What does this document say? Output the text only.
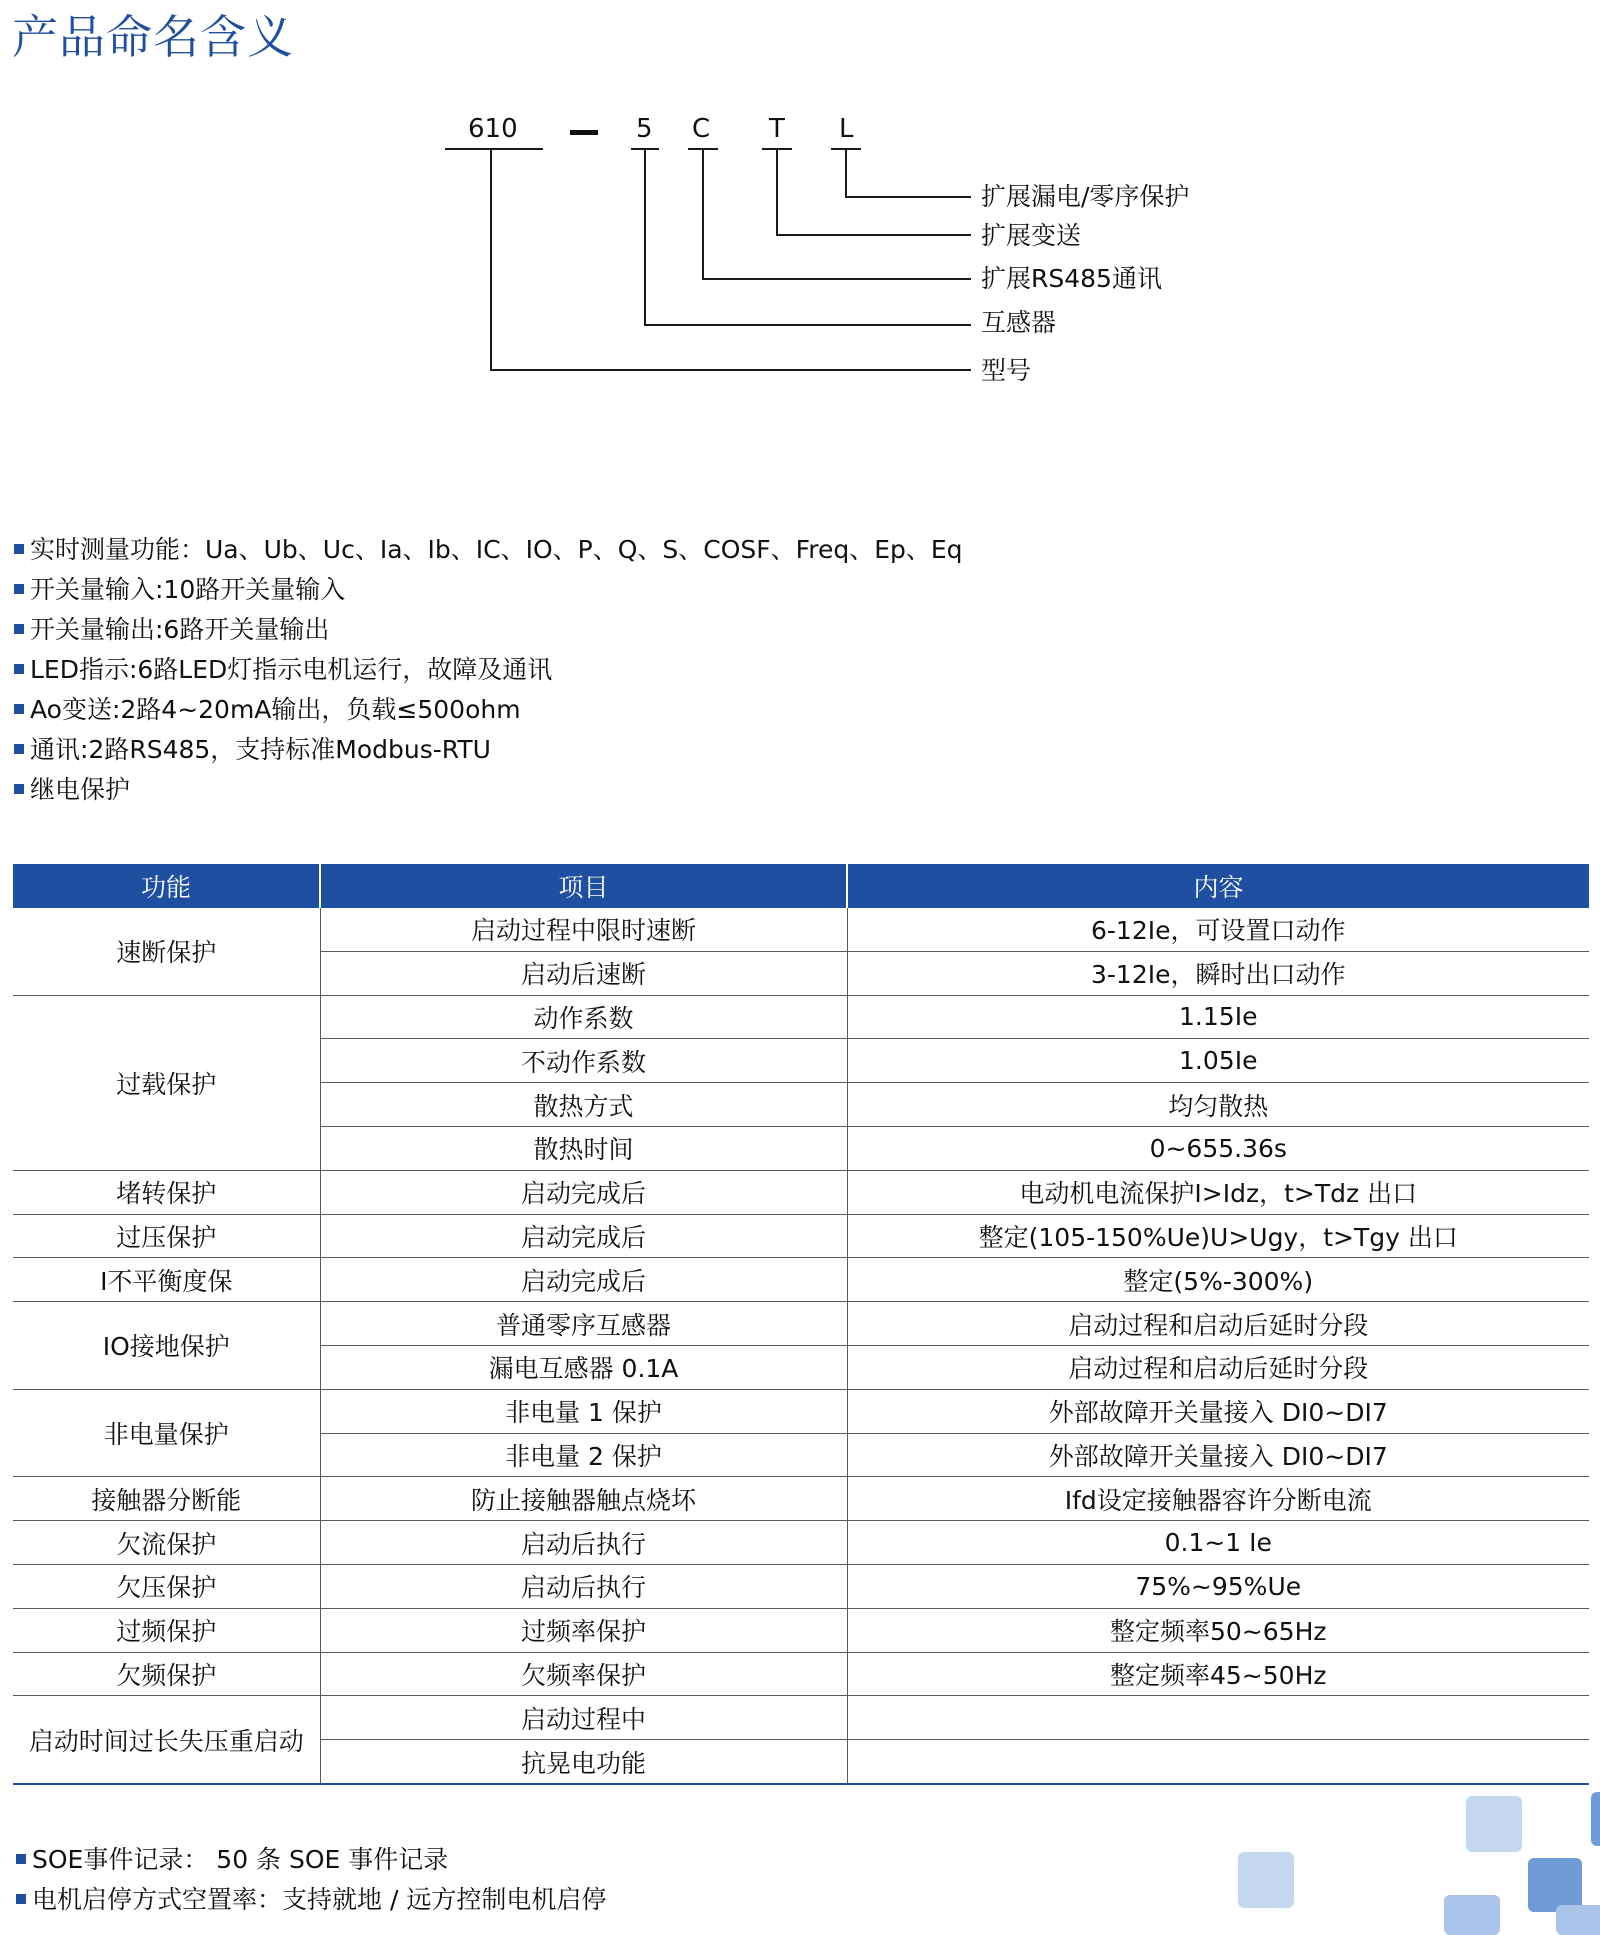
产品命名含义
610	5 C T L
扩展漏电/零序保护
扩展变送
扩展RS485通讯
互感器
型号
实时测量功能：Ua、Ub、Uc、Ia、Ib、IC、IO、P、Q、S、COSF、Freq、Ep、Eq
开关量输入:10路开关量输入
开关量输出:6路开关量输出
LED指示:6路LED灯指示电机运行，故障及通讯
Ao变送:2路4~20mA输出，负载≤500ohm
通讯:2路RS485，支持标准Modbus-RTU
继电保护
功能	项目	内容
速断保护	启动过程中限时速断	6-12Ie，可设置口动作
	启动后速断	3-12Ie，瞬时出口动作
过载保护	动作系数	1.15Ie
	不动作系数	1.05Ie
	散热方式	均匀散热
	散热时间	0~655.36s
堵转保护	启动完成后	电动机电流保护I>Idz，t>Tdz 出口
过压保护	启动完成后	整定(105-150%Ue)U>Ugy，t>Tgy 出口
I不平衡度保	启动完成后	整定(5%-300%)
IO接地保护	普通零序互感器	启动过程和启动后延时分段
	漏电互感器 0.1A	启动过程和启动后延时分段
非电量保护	非电量 1 保护	外部故障开关量接入 DI0~DI7
	非电量 2 保护	外部故障开关量接入 DI0~DI7
接触器分断能	防止接触器触点烧坏	Ifd设定接触器容许分断电流
欠流保护	启动后执行	0.1~1 Ie
欠压保护	启动后执行	75%~95%Ue
过频保护	过频率保护	整定频率50~65Hz
欠频保护	欠频率保护	整定频率45~50Hz
启动时间过长失压重启动	启动过程中	
	抗晃电功能	
SOE事件记录： 50 条 SOE 事件记录
电机启停方式空置率：支持就地 / 远方控制电机启停
